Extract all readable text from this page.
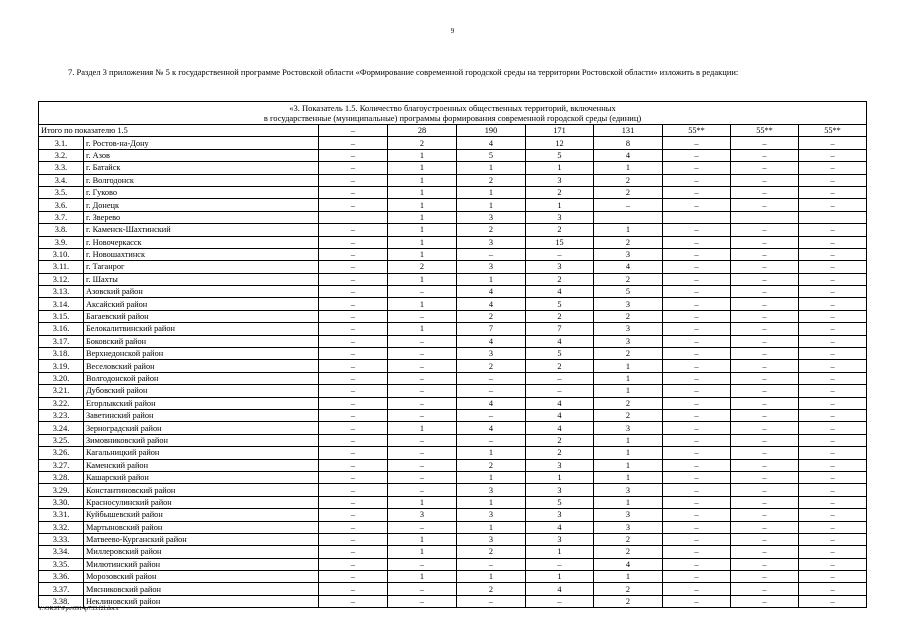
9
7. Раздел 3 приложения № 5 к государственной программе Ростовской области «Формирование современной городской среды на территории Ростовской области» изложить в редакции:
«3. Показатель 1.5. Количество благоустроенных общественных территорий, включенных
в государственные (муниципальные) программы формирования современной городской среды (единиц)									

Итого по показателю 1.5		–	28	190	171	131	55**	55**	55**
3.1.	г. Ростов-на-Дону	–	2	4	12	8	–	–	–
3.2.	г. Азов	–	1	5	5	4	–	–	–
3.3.	г. Батайск	–	1	1	1	1	–	–	–
3.4.	г. Волгодонск	–	1	2	3	2	–	–	–
3.5.	г. Гуково	–	1	1	2	2	–	–	–
3.6.	г. Донецк	–	1	1	1	–	–	–	–
3.7.	г. Зверево		1	3	3				
3.8.	г. Каменск-Шахтинский	–	1	2	2	1	–	–	–
3.9.	г. Новочеркасск	–	1	3	15	2	–	–	–
3.10.	г. Новошахтинск	–	1	–	–	3	–	–	–
3.11.	г. Таганрог	–	2	3	3	4	–	–	–
3.12.	г. Шахты	–	1	1	2	2	–	–	–
3.13.	Азовский район	–	–	4	4	5	–	–	–
3.14.	Аксайский район	–	1	4	5	3	–	–	–
3.15.	Багаевский район	–	–	2	2	2	–	–	–
3.16.	Белокалитвинский район	–	1	7	7	3	–	–	–
3.17.	Боковский район	–	–	4	4	3	–	–	–
3.18.	Верхнедонской район	–	–	3	5	2	–	–	–
3.19.	Веселовский район	–	–	2	2	1	–	–	–
3.20.	Волгодонской район	–	–	–	–	1	–	–	–
3.21.	Дубовский район	–	–	–	–	1	–	–	–
3.22.	Егорлыкский район	–	–	4	4	2	–	–	–
3.23.	Заветинский район	–	–	–	4	2	–	–	–
3.24.	Зерноградский район	–	1	4	4	3	–	–	–
3.25.	Зимовниковский район	–	–	–	2	1	–	–	–
3.26.	Кагальницкий район	–	–	1	2	1	–	–	–
3.27.	Каменский район	–	–	2	3	1	–	–	–
3.28.	Кашарский район	–	–	1	1	1	–	–	–
3.29.	Константиновский район	–	–	3	3	3	–	–	–
3.30.	Красносулинский район	–	1	1	5	1	–	–	–
3.31.	Куйбышевский район	–	3	3	3	3	–	–	–
3.32.	Мартыновский район	–	–	1	4	3	–	–	–
3.33.	Матвеево-Курганский район	–	1	3	3	2	–	–	–
3.34.	Миллеровский район	–	1	2	1	2	–	–	–
3.35.	Милютинский район	–	–	–	–	4	–	–	–
3.36.	Морозовский район	–	1	1	1	1	–	–	–
3.37.	Мясниковский район	–	–	2	4	2	–	–	–
3.38.	Неклиновский район	–	–	–	–	2	–	–	–
Y:\ORST\Ppo\0914p733.f2l.docx
